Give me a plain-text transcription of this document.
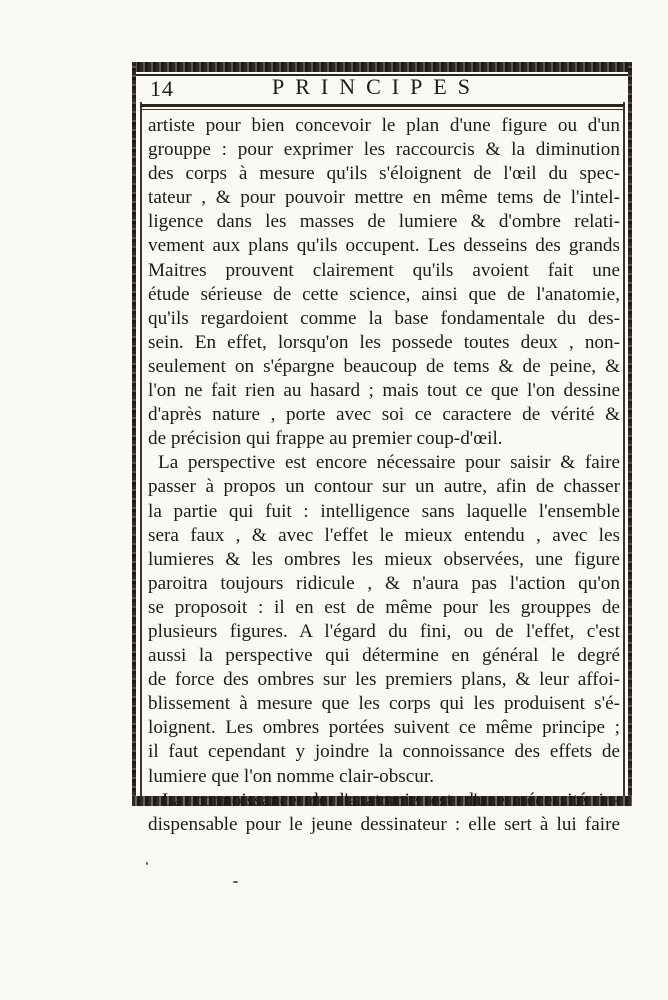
14	PRINCIPES
artiste pour bien concevoir le plan d'une figure ou d'un
grouppe : pour exprimer les raccourcis & la diminution
des corps à mesure qu'ils s'éloignent de l'œil du spec-
tateur , & pour pouvoir mettre en même tems de l'intel-
ligence dans les masses de lumiere & d'ombre relati-
vement aux plans qu'ils occupent. Les desseins des grands
Maitres prouvent clairement qu'ils avoient fait une
étude sérieuse de cette science, ainsi que de l'anatomie,
qu'ils regardoient comme la base fondamentale du des-
sein. En effet, lorsqu'on les possede toutes deux , non-
seulement on s'épargne beaucoup de tems & de peine, &
l'on ne fait rien au hasard ; mais tout ce que l'on dessine
d'après nature , porte avec soi ce caractere de vérité &
de précision qui frappe au premier coup-d'œil.
La perspective est encore nécessaire pour saisir & faire
passer à propos un contour sur un autre, afin de chasser
la partie qui fuit : intelligence sans laquelle l'ensemble
sera faux , & avec l'effet le mieux entendu , avec les
lumieres & les ombres les mieux observées, une figure
paroitra toujours ridicule , & n'aura pas l'action qu'on
se proposoit : il en est de même pour les grouppes de
plusieurs figures. A l'égard du fini, ou de l'effet, c'est
aussi la perspective qui détermine en général le degré
de force des ombres sur les premiers plans, & leur affoi-
blissement à mesure que les corps qui les produisent s'é-
loignent. Les ombres portées suivent ce même principe ;
il faut cependant y joindre la connoissance des effets de
lumiere que l'on nomme clair-obscur.
La connoissance de l'anatomie est d'une nécessité in-
dispensable pour le jeune dessinateur : elle sert à lui faire
